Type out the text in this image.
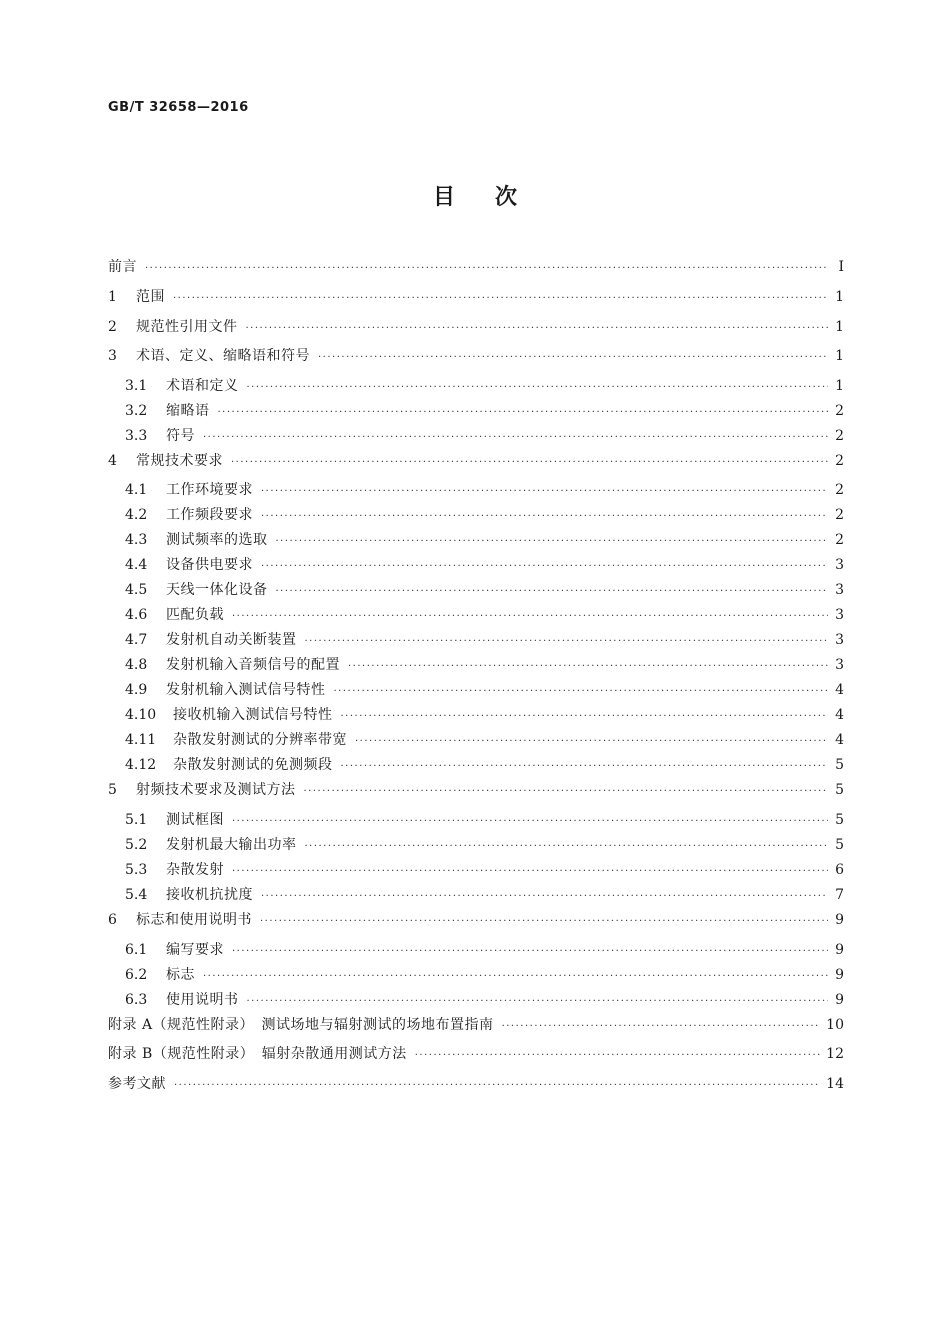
GB/T 32658—2016
目次
前言 ·····	Ⅰ
1	范围 ·····	1
2	规范性引用文件 ·····	1
3	术语、定义、缩略语和符号 ·····	1
3.1	术语和定义 ·····	1
3.2	缩略语 ·····	2
3.3	符号 ·····	2
4	常规技术要求 ·····	2
4.1	工作环境要求 ·····	2
4.2	工作频段要求 ·····	2
4.3	测试频率的选取 ·····	2
4.4	设备供电要求 ·····	3
4.5	天线一体化设备 ·····	3
4.6	匹配负载 ·····	3
4.7	发射机自动关断装置 ·····	3
4.8	发射机输入音频信号的配置 ·····	3
4.9	发射机输入测试信号特性 ·····	4
4.10	接收机输入测试信号特性 ·····	4
4.11	杂散发射测试的分辨率带宽 ·····	4
4.12	杂散发射测试的免测频段 ·····	5
5	射频技术要求及测试方法 ·····	5
5.1	测试框图 ·····	5
5.2	发射机最大输出功率 ·····	5
5.3	杂散发射 ·····	6
5.4	接收机抗扰度 ·····	7
6	标志和使用说明书 ·····	9
6.1	编写要求 ·····	9
6.2	标志 ·····	9
6.3	使用说明书 ·····	9
附录 A（规范性附录）　测试场地与辐射测试的场地布置指南 ·····	10
附录 B（规范性附录）　辐射杂散通用测试方法 ·····	12
参考文献 ·····	14
